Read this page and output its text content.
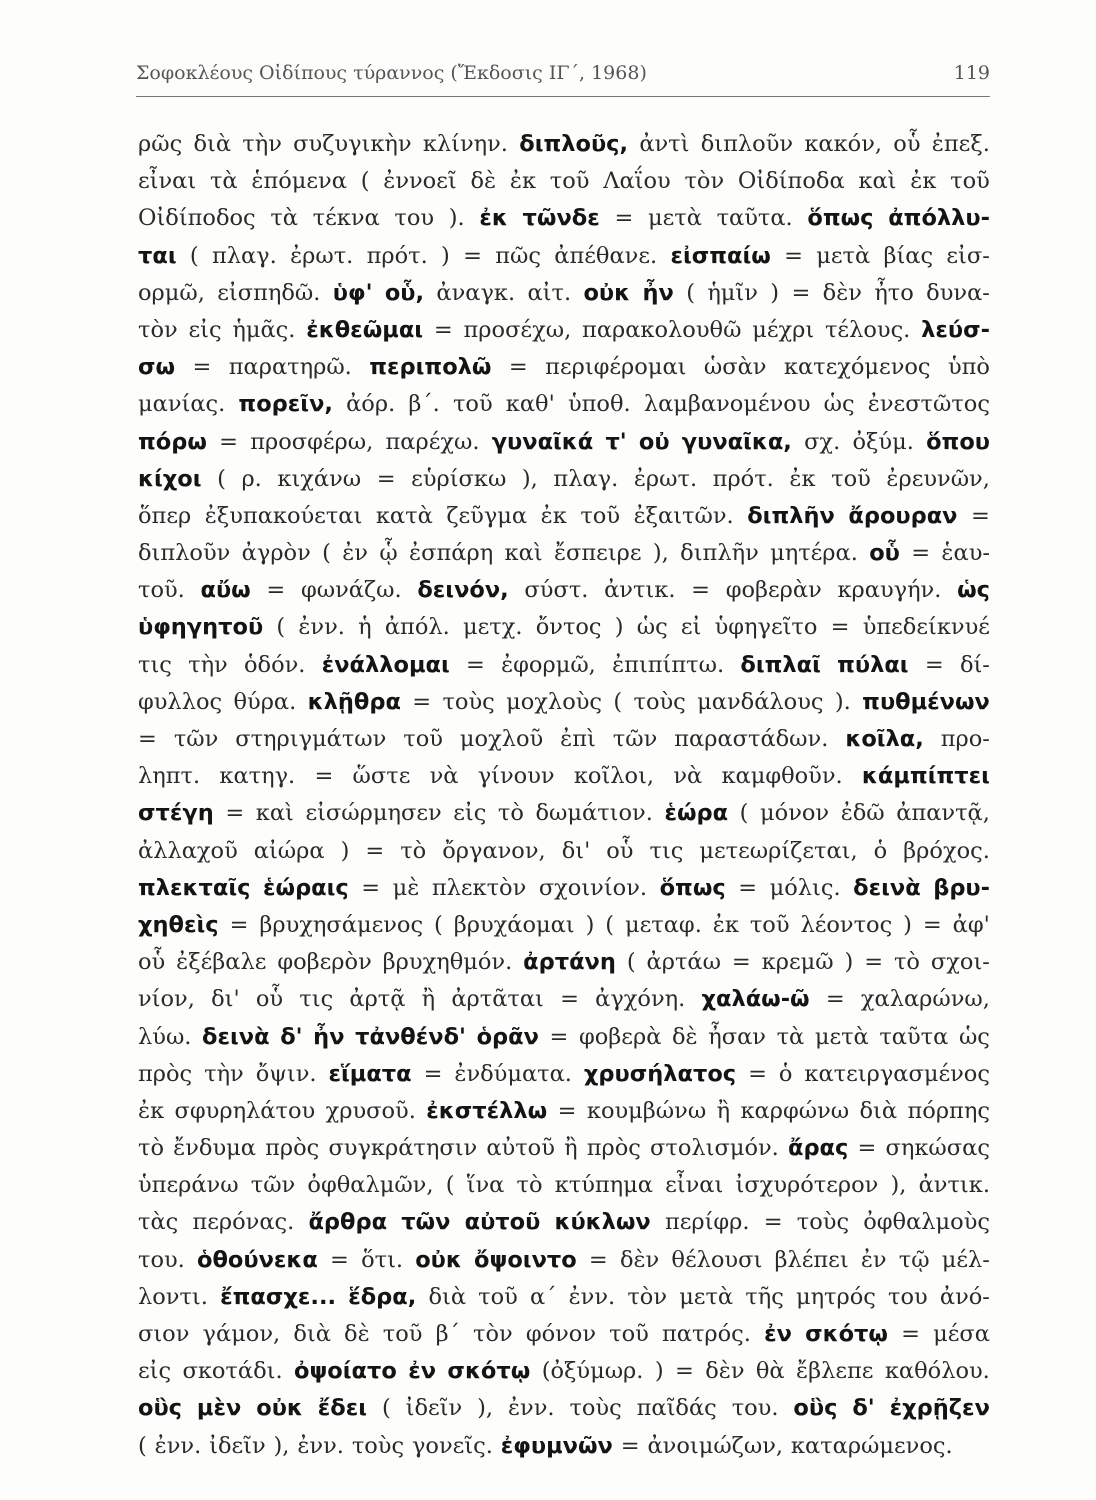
Σοφοκλέους Οἰδίπους τύραννος (Ἔκδοσις ΙΓ΄, 1968)	119
ρῶς διὰ τὴν συζυγικὴν κλίνην. διπλοῦς, ἀντὶ διπλοῦν κακόν, οὗ ἐπεξ.
εἶναι τὰ ἑπόμενα ( ἐννοεῖ δὲ ἐκ τοῦ Λαΐου τὸν Οἰδίποδα καὶ ἐκ τοῦ
Οἰδίποδος τὰ τέκνα του ). ἐκ τῶνδε = μετὰ ταῦτα. ὅπως ἀπόλλυ-
ται ( πλαγ. ἐρωτ. πρότ. ) = πῶς ἀπέθανε. εἰσπαίω = μετὰ βίας εἰσ-
ορμῶ, εἰσπηδῶ. ὑφ' οὗ, ἀναγκ. αἰτ. οὐκ ἦν ( ἡμῖν ) = δὲν ἦτο δυνα-
τὸν εἰς ἡμᾶς. ἐκθεῶμαι = προσέχω, παρακολουθῶ μέχρι τέλους. λεύσ-
σω = παρατηρῶ. περιπολῶ = περιφέρομαι ὡσὰν κατεχόμενος ὑπὸ
μανίας. πορεῖν, ἀόρ. β΄. τοῦ καθ' ὑποθ. λαμβανομένου ὡς ἐνεστῶτος
πόρω = προσφέρω, παρέχω. γυναῖκά τ' οὐ γυναῖκα, σχ. ὀξύμ. ὅπου
κίχοι ( ρ. κιχάνω = εὑρίσκω ), πλαγ. ἐρωτ. πρότ. ἐκ τοῦ ἐρευνῶν,
ὅπερ ἐξυπακούεται κατὰ ζεῦγμα ἐκ τοῦ ἐξαιτῶν. διπλῆν ἄρουραν =
διπλοῦν ἀγρὸν ( ἐν ᾧ ἐσπάρη καὶ ἔσπειρε ), διπλῆν μητέρα. οὗ = ἑαυ-
τοῦ. αὔω = φωνάζω. δεινόν, σύστ. ἀντικ. = φοβερὰν κραυγήν. ὡς
ὑφηγητοῦ ( ἐνν. ἡ ἀπόλ. μετχ. ὄντος ) ὡς εἰ ὑφηγεῖτο = ὑπεδείκνυέ
τις τὴν ὁδόν. ἐνάλλομαι = ἐφορμῶ, ἐπιπίπτω. διπλαῖ πύλαι = δί-
φυλλος θύρα. κλῇθρα = τοὺς μοχλοὺς ( τοὺς μανδάλους ). πυθμένων
= τῶν στηριγμάτων τοῦ μοχλοῦ ἐπὶ τῶν παραστάδων. κοῖλα, προ-
ληπτ. κατηγ. = ὥστε νὰ γίνουν κοῖλοι, νὰ καμφθοῦν. κάμπίπτει
στέγη = καὶ εἰσώρμησεν εἰς τὸ δωμάτιον. ἑώρα ( μόνον ἐδῶ ἀπαντᾷ,
ἀλλαχοῦ αἰώρα ) = τὸ ὄργανον, δι' οὗ τις μετεωρίζεται, ὁ βρόχος.
πλεκταῖς ἑώραις = μὲ πλεκτὸν σχοινίον. ὅπως = μόλις. δεινὰ βρυ-
χηθεὶς = βρυχησάμενος ( βρυχάομαι ) ( μεταφ. ἐκ τοῦ λέοντος ) = ἀφ'
οὗ ἐξέβαλε φοβερὸν βρυχηθμόν. ἀρτάνη ( ἀρτάω = κρεμῶ ) = τὸ σχοι-
νίον, δι' οὗ τις ἀρτᾷ ἢ ἀρτᾶται = ἀγχόνη. χαλάω-ῶ = χαλαρώνω,
λύω. δεινὰ δ' ἦν τἀνθένδ' ὁρᾶν = φοβερὰ δὲ ἦσαν τὰ μετὰ ταῦτα ὡς
πρὸς τὴν ὄψιν. εἵματα = ἐνδύματα. χρυσήλατος = ὁ κατειργασμένος
ἐκ σφυρηλάτου χρυσοῦ. ἐκστέλλω = κουμβώνω ἢ καρφώνω διὰ πόρπης
τὸ ἔνδυμα πρὸς συγκράτησιν αὐτοῦ ἢ πρὸς στολισμόν. ἄρας = σηκώσας
ὑπεράνω τῶν ὀφθαλμῶν, ( ἵνα τὸ κτύπημα εἶναι ἰσχυρότερον ), ἀντικ.
τὰς περόνας. ἄρθρα τῶν αὐτοῦ κύκλων περίφρ. = τοὺς ὀφθαλμοὺς
του. ὁθούνεκα = ὅτι. οὐκ ὄψοιντο = δὲν θέλουσι βλέπει ἐν τῷ μέλ-
λοντι. ἔπασχε... ἕδρα, διὰ τοῦ α΄ ἐνν. τὸν μετὰ τῆς μητρός του ἀνό-
σιον γάμον, διὰ δὲ τοῦ β΄ τὸν φόνον τοῦ πατρός. ἐν σκότῳ = μέσα
εἰς σκοτάδι. ὀψοίατο ἐν σκότῳ (ὀξύμωρ. ) = δὲν θὰ ἔβλεπε καθόλου.
οὓς μὲν οὐκ ἔδει ( ἰδεῖν ), ἐνν. τοὺς παῖδάς του. οὓς δ' ἐχρῇζεν
( ἐνν. ἰδεῖν ), ἐνν. τοὺς γονεῖς. ἐφυμνῶν = ἀνοιμώζων, καταρώμενος.
